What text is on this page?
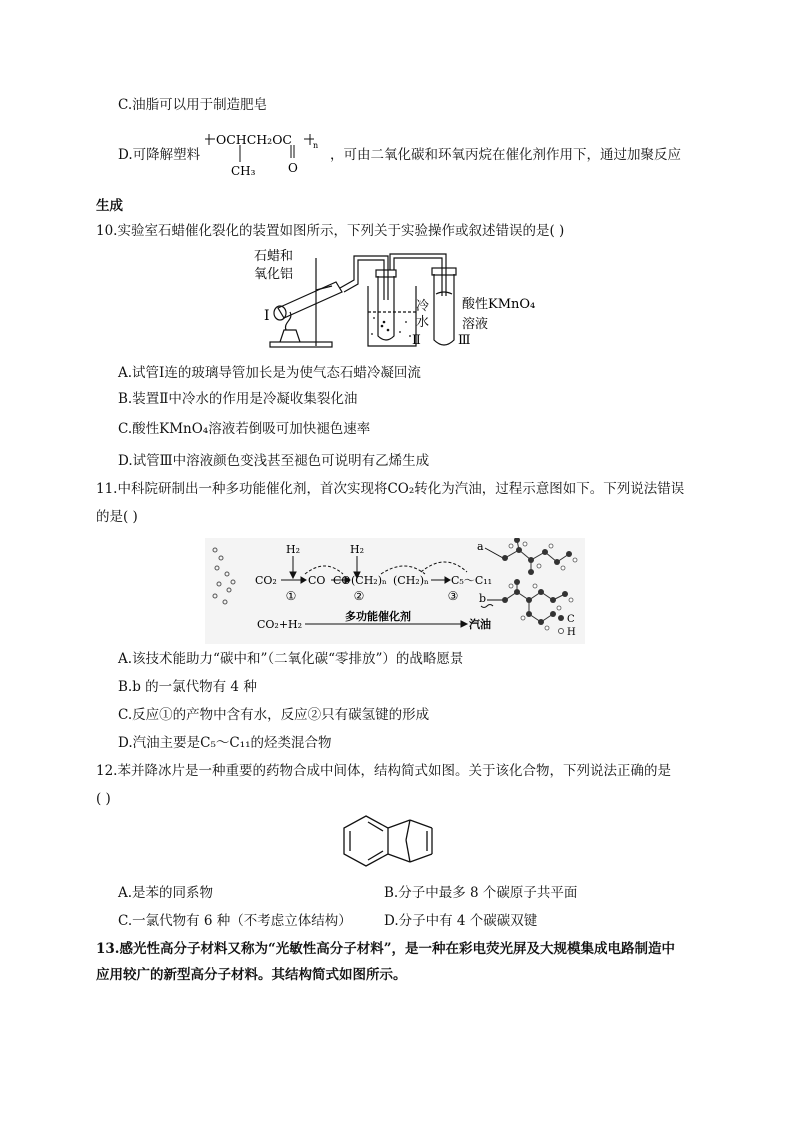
C.油脂可以用于制造肥皂
D.可降解塑料
OCHCH₂OC	n
CH₃	O
，可由二氧化碳和环氧丙烷在催化剂作用下，通过加聚反应
生成
10.实验室石蜡催化裂化的装置如图所示，下列关于实验操作或叙述错误的是( )
石蜡和
氧化铝
Ⅰ
冷
水
Ⅱ
酸性KMnO₄
溶液
Ⅲ
A.试管Ⅰ连的玻璃导管加长是为使气态石蜡冷凝回流
B.装置Ⅱ中冷水的作用是冷凝收集裂化油
C.酸性KMnO₄溶液若倒吸可加快褪色速率
D.试管Ⅲ中溶液颜色变浅甚至褪色可说明有乙烯生成
11.中科院研制出一种多功能催化剂，首次实现将CO₂转化为汽油，过程示意图如下。下列说法错误
的是( )
H₂	H₂
CO₂	CO CO (CH₂)ₙ (CH₂)ₙ C₅～C₁₁
①	②	③
CO₂+H₂
多功能催化剂
汽油
a
b
C
H
A.该技术能助力“碳中和”（二氧化碳“零排放”）的战略愿景
B.b 的一氯代物有 4 种
C.反应①的产物中含有水，反应②只有碳氢键的形成
D.汽油主要是C₅～C₁₁的烃类混合物
12.苯并降冰片是一种重要的药物合成中间体，结构简式如图。关于该化合物，下列说法正确的是
( )
A.是苯的同系物	B.分子中最多 8 个碳原子共平面
C.一氯代物有 6 种（不考虑立体结构） D.分子中有 4 个碳碳双键
13.感光性高分子材料又称为“光敏性高分子材料”，是一种在彩电荧光屏及大规模集成电路制造中
应用较广的新型高分子材料。其结构简式如图所示。
